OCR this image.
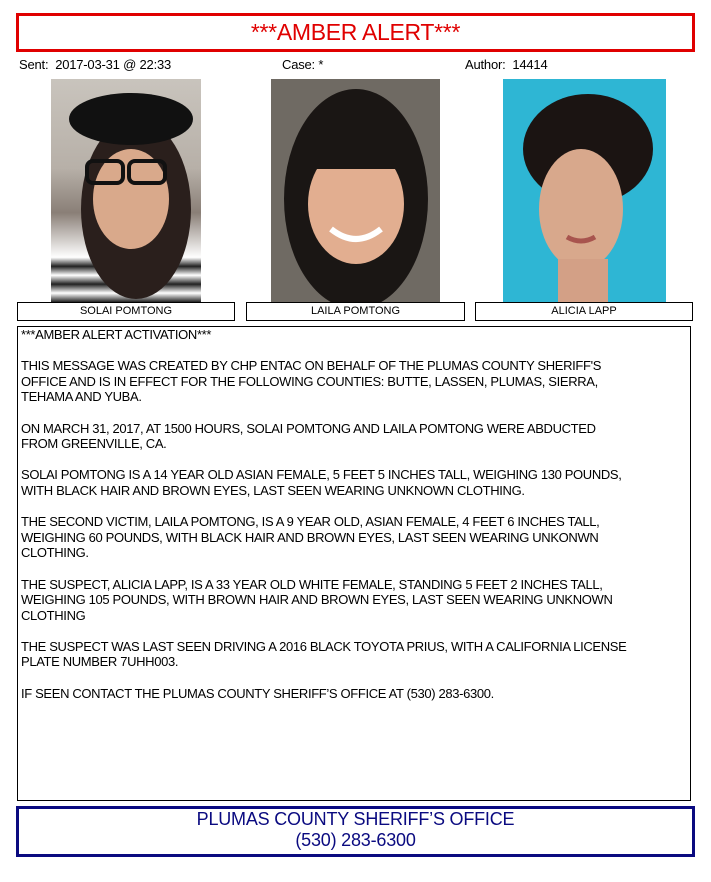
***AMBER ALERT***
Sent: 2017-03-31 @ 22:33	Case: *	Author: 14414
SOLAI POMTONG	LAILA POMTONG	ALICIA LAPP
***AMBER ALERT ACTIVATION***
THIS MESSAGE WAS CREATED BY CHP ENTAC ON BEHALF OF THE PLUMAS COUNTY SHERIFF'S
OFFICE AND IS IN EFFECT FOR THE FOLLOWING COUNTIES: BUTTE, LASSEN, PLUMAS, SIERRA,
TEHAMA AND YUBA.
ON MARCH 31, 2017, AT 1500 HOURS, SOLAI POMTONG AND LAILA POMTONG WERE ABDUCTED
FROM GREENVILLE, CA.
SOLAI POMTONG IS A 14 YEAR OLD ASIAN FEMALE, 5 FEET 5 INCHES TALL, WEIGHING 130 POUNDS,
WITH BLACK HAIR AND BROWN EYES, LAST SEEN WEARING UNKNOWN CLOTHING.
THE SECOND VICTIM, LAILA POMTONG, IS A 9 YEAR OLD, ASIAN FEMALE, 4 FEET 6 INCHES TALL,
WEIGHING 60 POUNDS, WITH BLACK HAIR AND BROWN EYES, LAST SEEN WEARING UNKONWN
CLOTHING.
THE SUSPECT, ALICIA LAPP, IS A 33 YEAR OLD WHITE FEMALE, STANDING 5 FEET 2 INCHES TALL,
WEIGHING 105 POUNDS, WITH BROWN HAIR AND BROWN EYES, LAST SEEN WEARING UNKNOWN
CLOTHING
THE SUSPECT WAS LAST SEEN DRIVING A 2016 BLACK TOYOTA PRIUS, WITH A CALIFORNIA LICENSE
PLATE NUMBER 7UHH003.
IF SEEN CONTACT THE PLUMAS COUNTY SHERIFF’S OFFICE AT (530) 283-6300.
PLUMAS COUNTY SHERIFF’S OFFICE
(530) 283-6300
